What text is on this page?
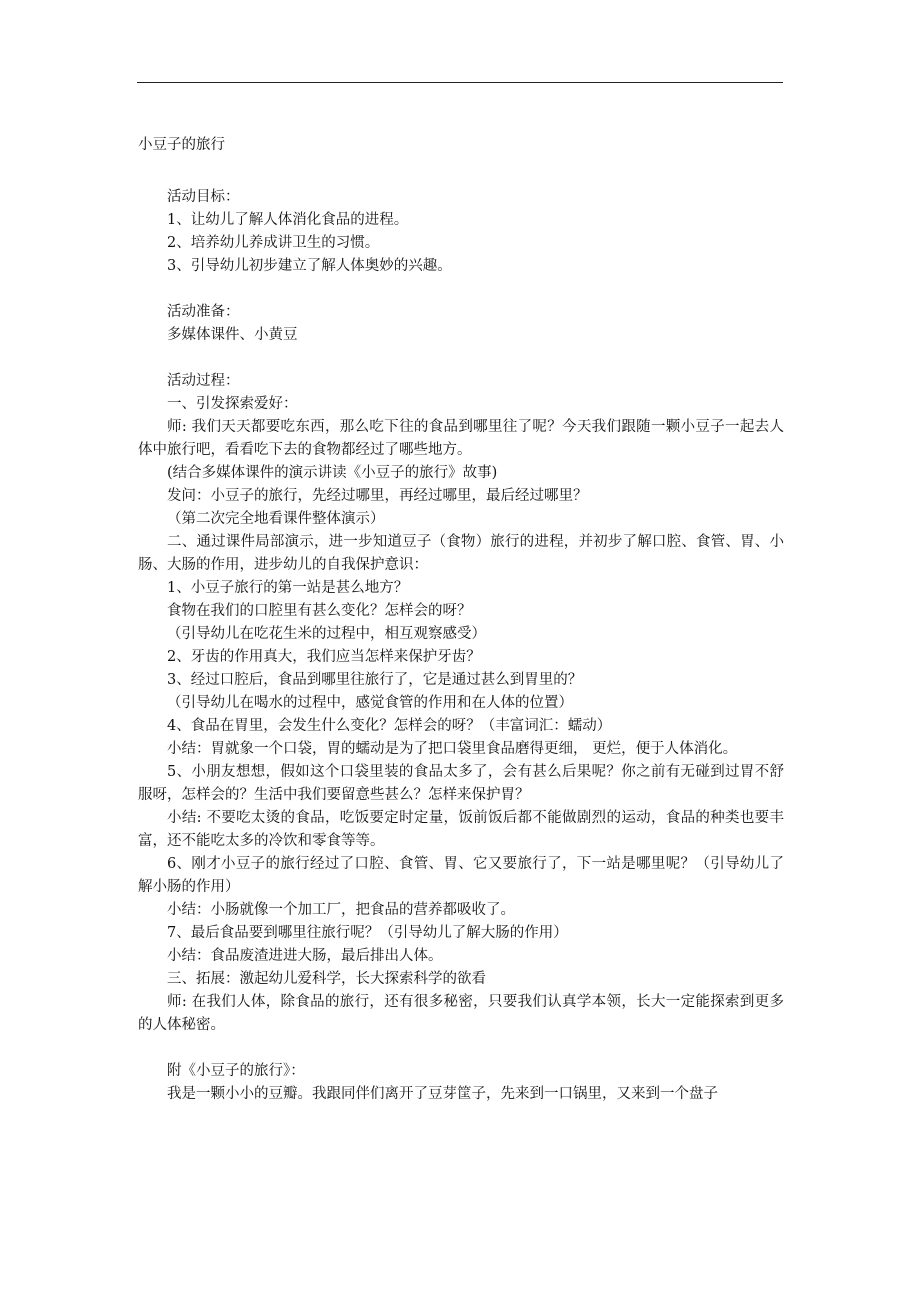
小豆子的旅行

活动目标：

1、让幼儿了解人体消化食品的进程。

2、培养幼儿养成讲卫生的习惯。

3、引导幼儿初步建立了解人体奥妙的兴趣。

活动准备：

多媒体课件、小黄豆

活动过程：

一、引发探索爱好：

师: 我们天天都要吃东西，那么吃下往的食品到哪里往了呢？今天我们跟随一颗小豆子一起去人体中旅行吧，看看吃下去的食物都经过了哪些地方。

(结合多媒体课件的演示讲读《小豆子的旅行》故事)

发问：小豆子的旅行，先经过哪里，再经过哪里，最后经过哪里？

（第二次完全地看课件整体演示）

二、通过课件局部演示，进一步知道豆子（食物）旅行的进程，并初步了解口腔、食管、胃、小肠、大肠的作用，进步幼儿的自我保护意识：

1、小豆子旅行的第一站是甚么地方？

食物在我们的口腔里有甚么变化？怎样会的呀？

（引导幼儿在吃花生米的过程中，相互观察感受）

2、牙齿的作用真大，我们应当怎样来保护牙齿？

3、经过口腔后，食品到哪里往旅行了，它是通过甚么到胃里的？

（引导幼儿在喝水的过程中，感觉食管的作用和在人体的位置）

4、食品在胃里，会发生什么变化？怎样会的呀？（丰富词汇：蠕动）

小结：胃就象一个口袋，胃的蠕动是为了把口袋里食品磨得更细， 更烂，便于人体消化。

5、小朋友想想，假如这个口袋里装的食品太多了，会有甚么后果呢？你之前有无碰到过胃不舒服呀，怎样会的？生活中我们要留意些甚么？怎样来保护胃？

小结: 不要吃太烫的食品，吃饭要定时定量，饭前饭后都不能做剧烈的运动，食品的种类也要丰富，还不能吃太多的冷饮和零食等等。

6、刚才小豆子的旅行经过了口腔、食管、胃、它又要旅行了，下一站是哪里呢？（引导幼儿了解小肠的作用）

小结：小肠就像一个加工厂，把食品的营养都吸收了。

7、最后食品要到哪里往旅行呢？（引导幼儿了解大肠的作用）

小结：食品废渣进进大肠，最后排出人体。

三、拓展：激起幼儿爱科学，长大探索科学的欲看

师: 在我们人体，除食品的旅行，还有很多秘密，只要我们认真学本领，长大一定能探索到更多的人体秘密。

附《小豆子的旅行》：

我是一颗小小的豆瓣。我跟同伴们离开了豆芽筐子，先来到一口锅里，又来到一个盘子
